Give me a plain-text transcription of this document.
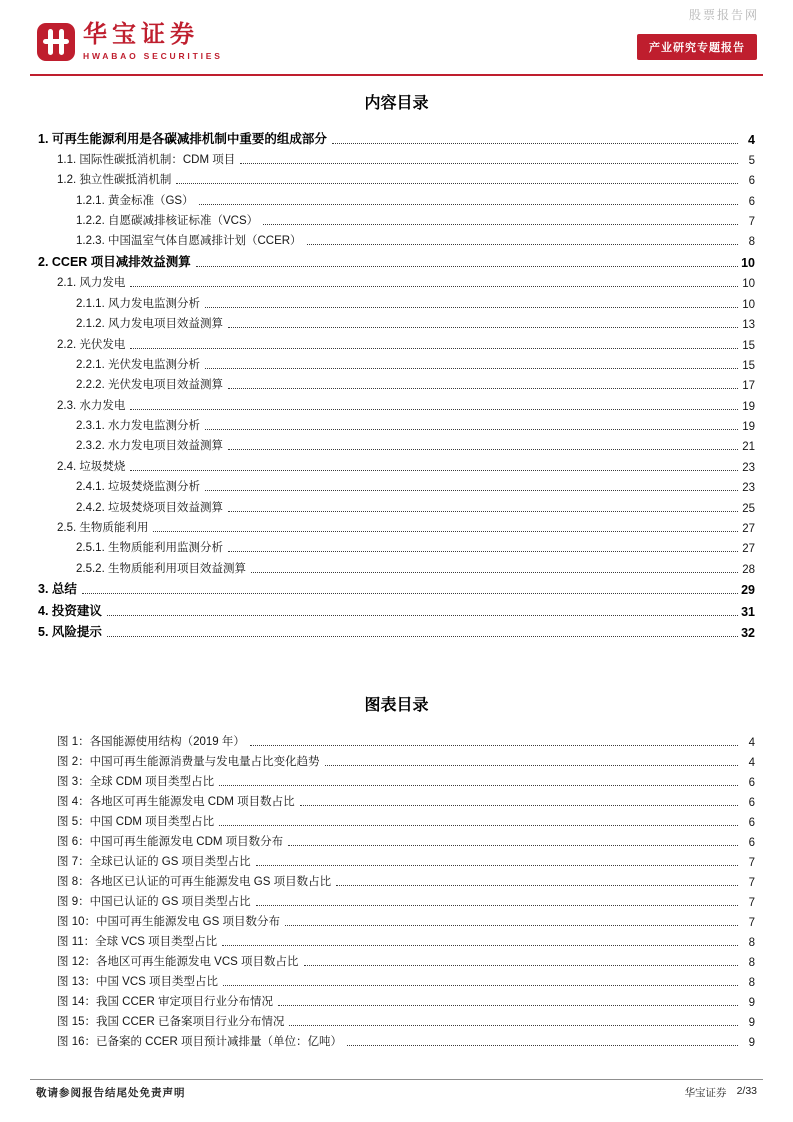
股票报告网
华宝证券
HWABAO SECURITIES
产业研究专题报告
内容目录
1. 可再生能源利用是各碳减排机制中重要的组成部分	4
1.1. 国际性碳抵消机制：CDM 项目	5
1.2. 独立性碳抵消机制	6
1.2.1. 黄金标准（GS）	6
1.2.2. 自愿碳减排核证标准（VCS）	7
1.2.3. 中国温室气体自愿减排计划（CCER）	8
2. CCER 项目减排效益测算	10
2.1. 风力发电	10
2.1.1. 风力发电监测分析	10
2.1.2. 风力发电项目效益测算	13
2.2. 光伏发电	15
2.2.1. 光伏发电监测分析	15
2.2.2. 光伏发电项目效益测算	17
2.3. 水力发电	19
2.3.1. 水力发电监测分析	19
2.3.2. 水力发电项目效益测算	21
2.4. 垃圾焚烧	23
2.4.1. 垃圾焚烧监测分析	23
2.4.2. 垃圾焚烧项目效益测算	25
2.5. 生物质能利用	27
2.5.1. 生物质能利用监测分析	27
2.5.2. 生物质能利用项目效益测算	28
3. 总结	29
4. 投资建议	31
5. 风险提示	32
图表目录
图 1：各国能源使用结构（2019 年）	4
图 2：中国可再生能源消费量与发电量占比变化趋势	4
图 3：全球 CDM 项目类型占比	6
图 4：各地区可再生能源发电 CDM 项目数占比	6
图 5：中国 CDM 项目类型占比	6
图 6：中国可再生能源发电 CDM 项目数分布	6
图 7：全球已认证的 GS 项目类型占比	7
图 8：各地区已认证的可再生能源发电 GS 项目数占比	7
图 9：中国已认证的 GS 项目类型占比	7
图 10：中国可再生能源发电 GS 项目数分布	7
图 11：全球 VCS 项目类型占比	8
图 12：各地区可再生能源发电 VCS 项目数占比	8
图 13：中国 VCS 项目类型占比	8
图 14：我国 CCER 审定项目行业分布情况	9
图 15：我国 CCER 已备案项目行业分布情况	9
图 16：已备案的 CCER 项目预计减排量（单位：亿吨）	9
敬请参阅报告结尾处免责声明	华宝证券 2/33
